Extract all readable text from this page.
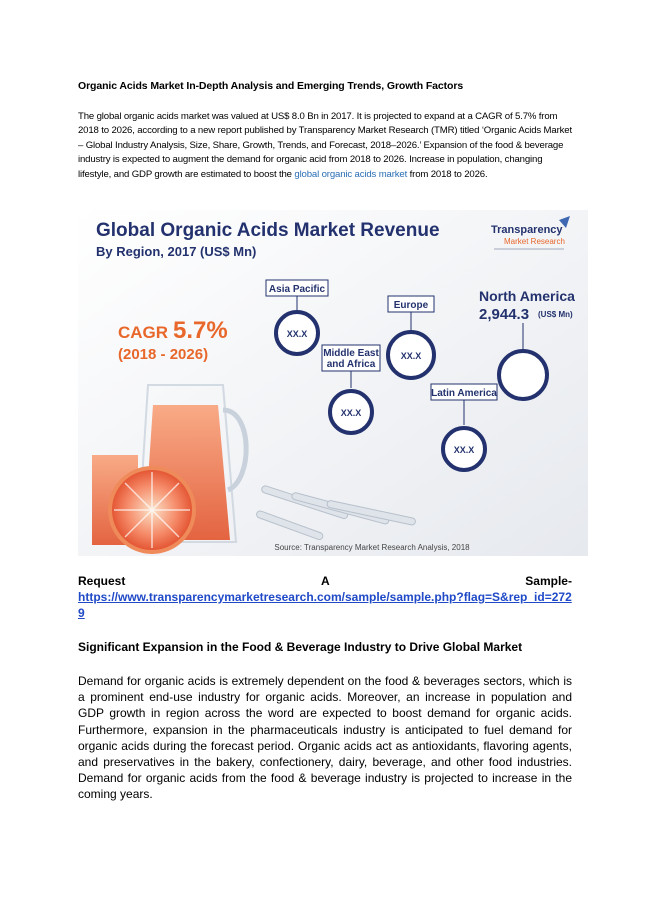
Organic Acids Market In-Depth Analysis and Emerging Trends, Growth Factors
The global organic acids market was valued at US$ 8.0 Bn in 2017. It is projected to expand at a CAGR of 5.7% from 2018 to 2026, according to a new report published by Transparency Market Research (TMR) titled ‘Organic Acids Market – Global Industry Analysis, Size, Share, Growth, Trends, and Forecast, 2018–2026.’ Expansion of the food & beverage industry is expected to augment the demand for organic acid from 2018 to 2026. Increase in population, changing lifestyle, and GDP growth are estimated to boost the global organic acids market from 2018 to 2026.
Global Organic Acids Market Revenue
By Region, 2017 (US$ Mn)
Transparency
Market Research
CAGR 5.7%
(2018 - 2026)
Asia Pacific
XX.X
Middle East
and Africa
XX.X
Europe
XX.X
Latin America
XX.X
North America
2,944.3 (US$ Mn)
Source: Transparency Market Research Analysis, 2018
Request	A	Sample-
https://www.transparencymarketresearch.com/sample/sample.php?flag=S&rep_id=2729
Significant Expansion in the Food & Beverage Industry to Drive Global Market
Demand for organic acids is extremely dependent on the food & beverages sectors, which is a prominent end-use industry for organic acids. Moreover, an increase in population and GDP growth in region across the word are expected to boost demand for organic acids. Furthermore, expansion in the pharmaceuticals industry is anticipated to fuel demand for organic acids during the forecast period. Organic acids act as antioxidants, flavoring agents, and preservatives in the bakery, confectionery, dairy, beverage, and other food industries. Demand for organic acids from the food & beverage industry is projected to increase in the coming years.
